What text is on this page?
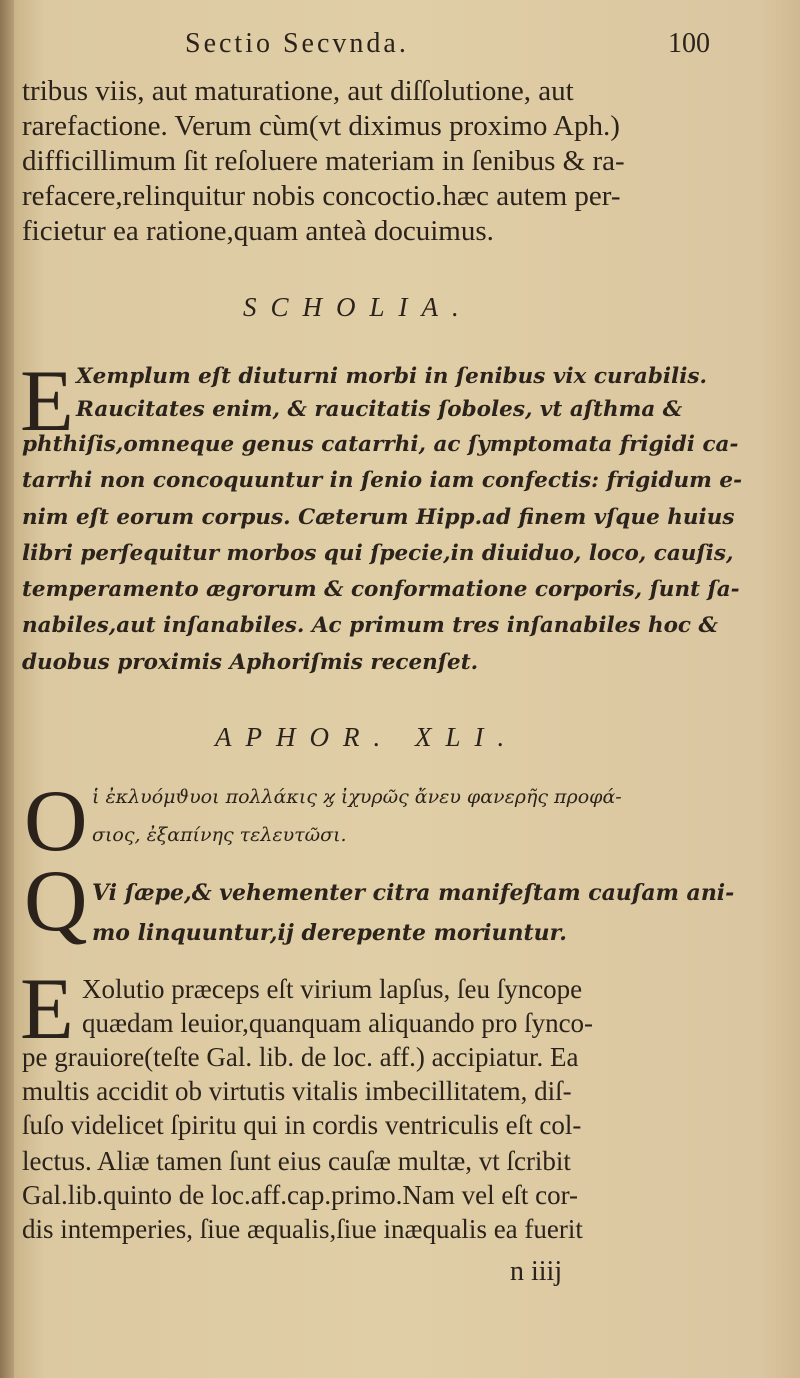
Sectio Secvnda.	100
tribus viis, aut maturatione, aut diſſolutione, aut
rarefactione. Verum cùm(vt diximus proximo Aph.)
difficillimum ſit reſoluere materiam in ſenibus & ra-
refacere,relinquitur nobis concoctio.hæc autem per-
ficietur ea ratione,quam anteà docuimus.
SCHOLIA.
E Xemplum eſt diuturni morbi in ſenibus vix curabilis.
Raucitates enim, & raucitatis ſoboles, vt aſthma &
phthiſis,omneque genus catarrhi, ac ſymptomata frigidi ca-
tarrhi non concoquuntur in ſenio iam confectis: frigidum e-
nim eſt eorum corpus. Cæterum Hipp.ad finem vſque huius
libri perſequitur morbos qui ſpecie,in diuiduo, loco, cauſis,
temperamento ægrorum & conformatione corporis, ſunt ſa-
nabiles,aut inſanabiles. Ac primum tres inſanabiles hoc &
duobus proximis Aphoriſmis recenſet.
APHOR. XLI.
O ἱ ἐκλυόμϑυοι πολλάκις ϗ ἰχυρῶς ἄνευ φανερῆς προφά-
σιος, ἐξαπίνης τελευτῶσι.
Q Vi ſæpe,& vehementer citra manifeſtam cauſam ani-
mo linquuntur,ij derepente moriuntur.
E Xolutio præceps eſt virium lapſus, ſeu ſyncope
quædam leuior,quanquam aliquando pro ſynco-
pe grauiore(teſte Gal. lib. de loc. aff.) accipiatur. Ea
multis accidit ob virtutis vitalis imbecillitatem, diſ-
ſuſo videlicet ſpiritu qui in cordis ventriculis eſt col-
lectus. Aliæ tamen ſunt eius cauſæ multæ, vt ſcribit
Gal.lib.quinto de loc.aff.cap.primo.Nam vel eſt cor-
dis intemperies, ſiue æqualis,ſiue inæqualis ea fuerit
n iiij
